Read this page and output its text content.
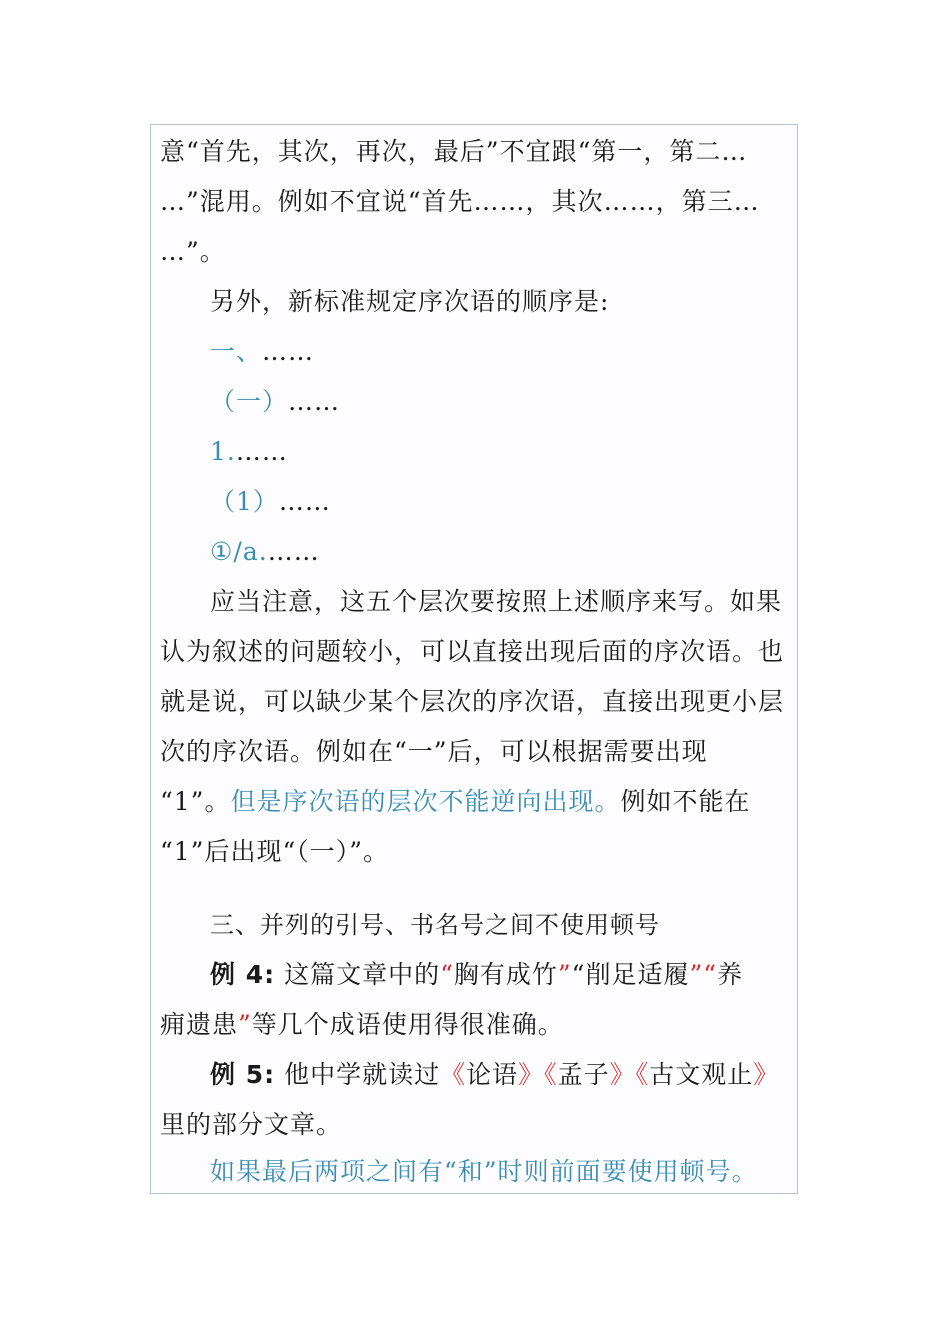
意“首先，其次，再次，最后”不宜跟“第一，第二…
…”混用。例如不宜说“首先……，其次……，第三…
…”。
另外，新标准规定序次语的顺序是:
一、……
（一）……
1.……
（1）……
①/a.……
应当注意，这五个层次要按照上述顺序来写。如果
认为叙述的问题较小，可以直接出现后面的序次语。也
就是说，可以缺少某个层次的序次语，直接出现更小层
次的序次语。例如在“一”后，可以根据需要出现
“1”。但是序次语的层次不能逆向出现。例如不能在
“1”后出现“（一）”。
三、并列的引号、书名号之间不使用顿号
例 4: 这篇文章中的“胸有成竹”“削足适履”“养
痈遗患”等几个成语使用得很准确。
例 5: 他中学就读过《论语》《孟子》《古文观止》
里的部分文章。
如果最后两项之间有“和”时则前面要使用顿号。
